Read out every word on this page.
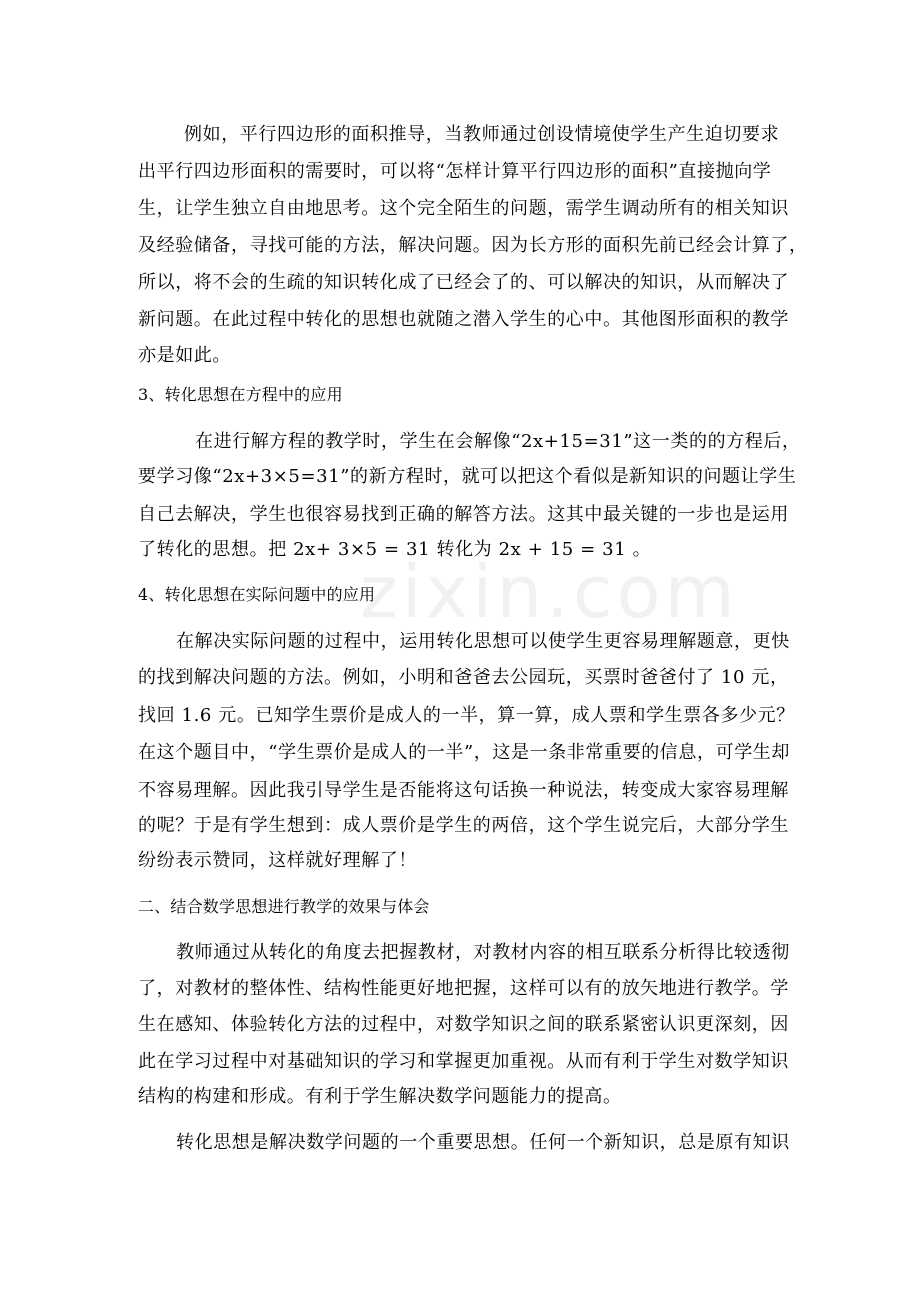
zixin.com
例如，平行四边形的面积推导，当教师通过创设情境使学生产生迫切要求
出平行四边形面积的需要时，可以将“怎样计算平行四边形的面积”直接抛向学
生，让学生独立自由地思考。这个完全陌生的问题，需学生调动所有的相关知识
及经验储备，寻找可能的方法，解决问题。因为长方形的面积先前已经会计算了，
所以，将不会的生疏的知识转化成了已经会了的、可以解决的知识，从而解决了
新问题。在此过程中转化的思想也就随之潜入学生的心中。其他图形面积的教学
亦是如此。
3、转化思想在方程中的应用
在进行解方程的教学时，学生在会解像“2x+15=31”这一类的的方程后，
要学习像“2x+3×5=31”的新方程时，就可以把这个看似是新知识的问题让学生
自己去解决，学生也很容易找到正确的解答方法。这其中最关键的一步也是运用
了转化的思想。把 2x+ 3×5 = 31 转化为 2x + 15 = 31 。
4、转化思想在实际问题中的应用
在解决实际问题的过程中，运用转化思想可以使学生更容易理解题意，更快
的找到解决问题的方法。例如，小明和爸爸去公园玩，买票时爸爸付了 10 元，
找回 1.6 元。已知学生票价是成人的一半，算一算，成人票和学生票各多少元？
在这个题目中，“学生票价是成人的一半”，这是一条非常重要的信息，可学生却
不容易理解。因此我引导学生是否能将这句话换一种说法，转变成大家容易理解
的呢？于是有学生想到：成人票价是学生的两倍，这个学生说完后，大部分学生
纷纷表示赞同，这样就好理解了！
二、结合数学思想进行教学的效果与体会
教师通过从转化的角度去把握教材，对教材内容的相互联系分析得比较透彻
了，对教材的整体性、结构性能更好地把握，这样可以有的放矢地进行教学。学
生在感知、体验转化方法的过程中，对数学知识之间的联系紧密认识更深刻，因
此在学习过程中对基础知识的学习和掌握更加重视。从而有利于学生对数学知识
结构的构建和形成。有利于学生解决数学问题能力的提高。
转化思想是解决数学问题的一个重要思想。任何一个新知识，总是原有知识
